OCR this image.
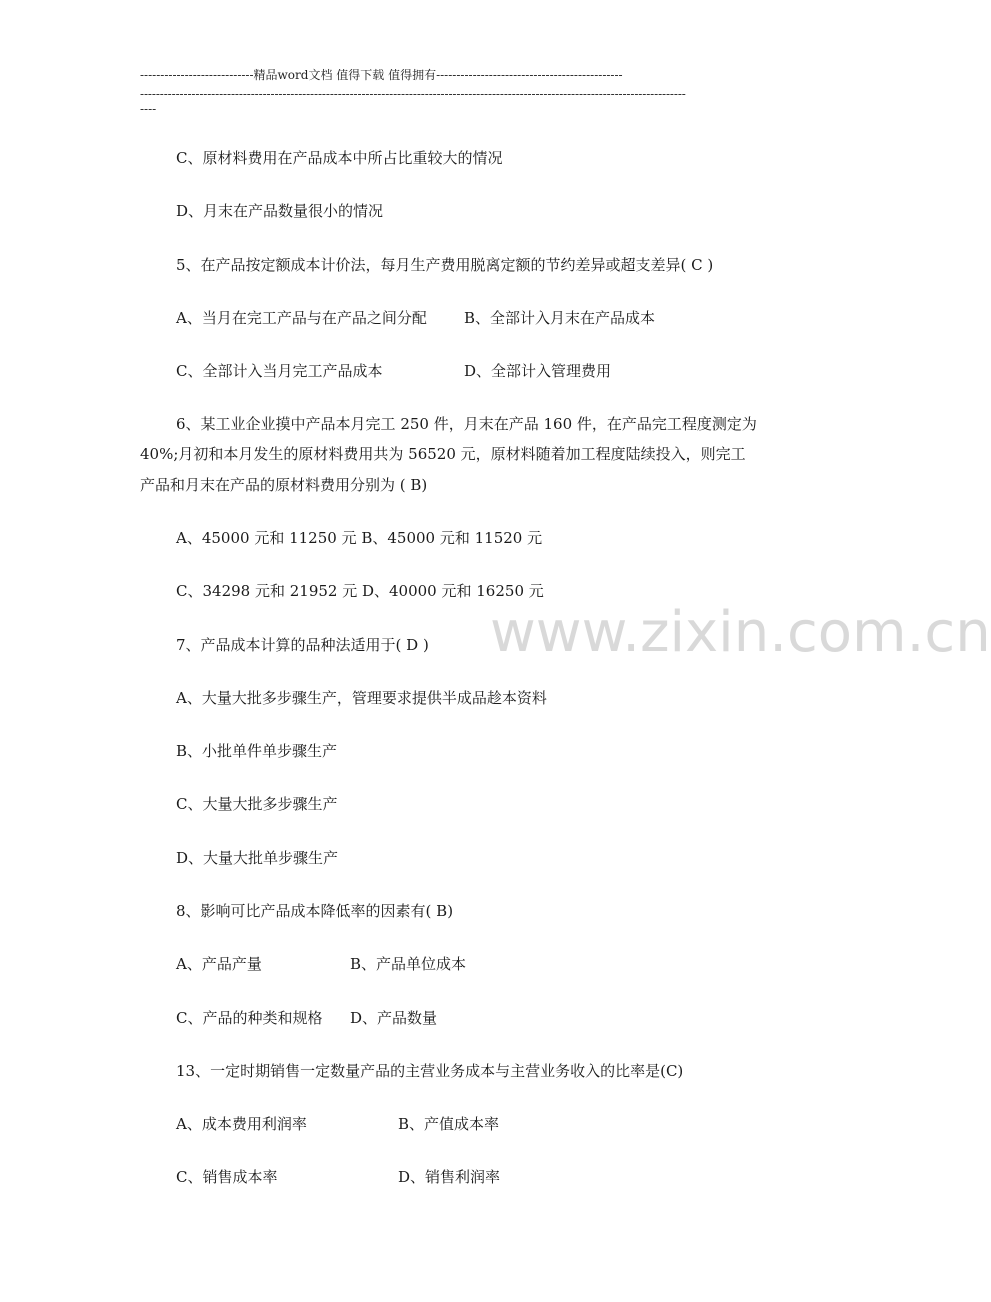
----------------------------精品word文档 值得下载 值得拥有----------------------------------------------
------------------------------------------------------------------------------------------------------------------------------------------
----
www.zixin.com.cn
C、原材料费用在产品成本中所占比重较大的情况
D、月末在产品数量很小的情况
5、在产品按定额成本计价法，每月生产费用脱离定额的节约差异或超支差异( C )
A、当月在完工产品与在产品之间分配 B、全部计入月末在产品成本
C、全部计入当月完工产品成本	D、全部计入管理费用
6、某工业企业摸中产品本月完工 250 件，月末在产品 160 件，在产品完工程度测定为
40%;月初和本月发生的原材料费用共为 56520 元，原材料随着加工程度陆续投入，则完工
产品和月末在产品的原材料费用分别为 ( B)
A、45000 元和 11250 元 B、45000 元和 11520 元
C、34298 元和 21952 元 D、40000 元和 16250 元
7、产品成本计算的品种法适用于( D )
A、大量大批多步骤生产，管理要求提供半成品趁本资料
B、小批单件单步骤生产
C、大量大批多步骤生产
D、大量大批单步骤生产
8、影响可比产品成本降低率的因素有( B)
A、产品产量	B、产品单位成本
C、产品的种类和规格 D、产品数量
13、一定时期销售一定数量产品的主营业务成本与主营业务收入的比率是(C)
A、成本费用利润率	B、产值成本率
C、销售成本率	D、销售利润率
